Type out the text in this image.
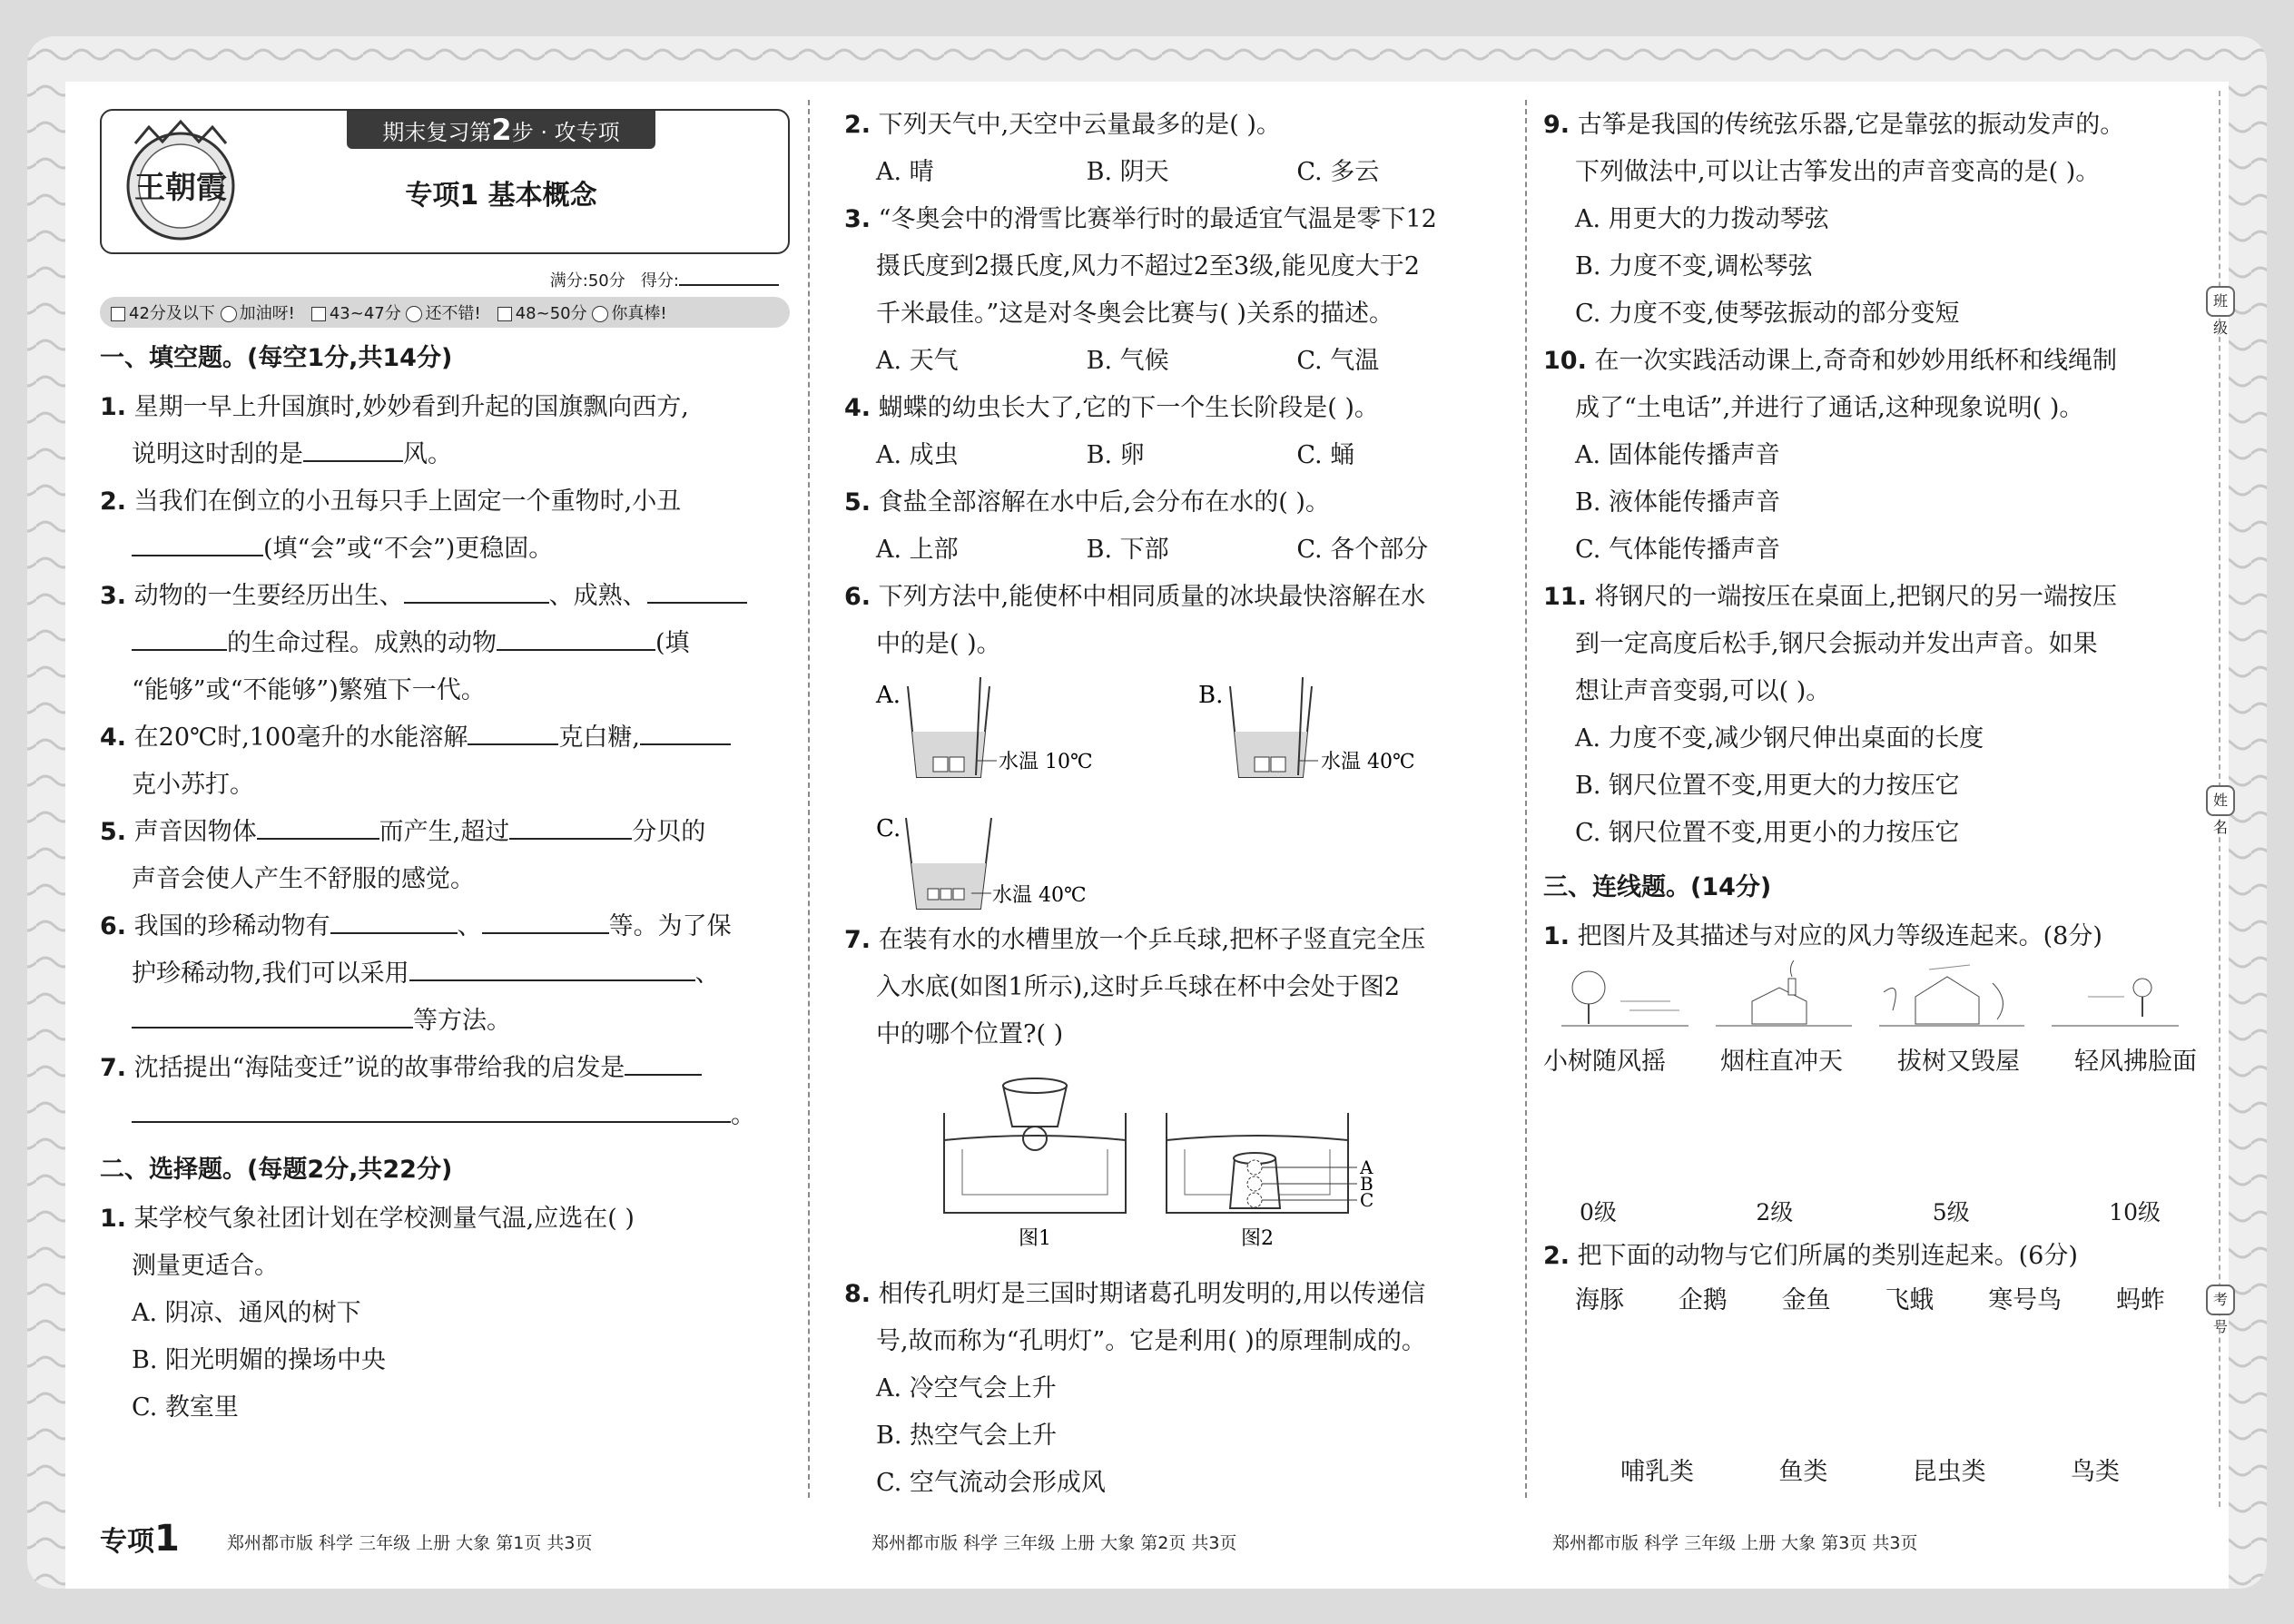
王朝霞
期末复习第2步 · 攻专项
专项1 基本概念
满分:50分 得分:
42分及以下 加油呀!	43~47分 还不错!	48~50分 你真棒!
一、填空题。(每空1分,共14分)
1. 星期一早上升国旗时,妙妙看到升起的国旗飘向西方,
说明这时刮的是	风。
2. 当我们在倒立的小丑每只手上固定一个重物时,小丑
(填“会”或“不会”)更稳固。
3. 动物的一生要经历出生、	、成熟、
的生命过程。成熟的动物	(填
“能够”或“不能够”)繁殖下一代。
4. 在20℃时,100毫升的水能溶解	克白糖,
克小苏打。
5. 声音因物体	而产生,超过	分贝的
声音会使人产生不舒服的感觉。
6. 我国的珍稀动物有	、	等。为了保
护珍稀动物,我们可以采用	、
等方法。
7. 沈括提出“海陆变迁”说的故事带给我的启发是
。
二、选择题。(每题2分,共22分)
1. 某学校气象社团计划在学校测量气温,应选在( )
测量更适合。
A. 阴凉、通风的树下
B. 阳光明媚的操场中央
C. 教室里
2. 下列天气中,天空中云量最多的是( )。
A. 晴	B. 阴天	C. 多云
3. “冬奥会中的滑雪比赛举行时的最适宜气温是零下12
摄氏度到2摄氏度,风力不超过2至3级,能见度大于2
千米最佳。”这是对冬奥会比赛与( )关系的描述。
A. 天气	B. 气候	C. 气温
4. 蝴蝶的幼虫长大了,它的下一个生长阶段是( )。
A. 成虫	B. 卵	C. 蛹
5. 食盐全部溶解在水中后,会分布在水的( )。
A. 上部	B. 下部	C. 各个部分
6. 下列方法中,能使杯中相同质量的冰块最快溶解在水
中的是( )。
A.
水温 10℃
B.
水温 40℃
C.
水温 40℃
7. 在装有水的水槽里放一个乒乓球,把杯子竖直完全压
入水底(如图1所示),这时乒乓球在杯中会处于图2
中的哪个位置?( )
图1
A
B
C
图2
8. 相传孔明灯是三国时期诸葛孔明发明的,用以传递信
号,故而称为“孔明灯”。它是利用( )的原理制成的。
A. 冷空气会上升
B. 热空气会上升
C. 空气流动会形成风
9. 古筝是我国的传统弦乐器,它是靠弦的振动发声的。
下列做法中,可以让古筝发出的声音变高的是( )。
A. 用更大的力拨动琴弦
B. 力度不变,调松琴弦
C. 力度不变,使琴弦振动的部分变短
10. 在一次实践活动课上,奇奇和妙妙用纸杯和线绳制
成了“土电话”,并进行了通话,这种现象说明( )。
A. 固体能传播声音
B. 液体能传播声音
C. 气体能传播声音
11. 将钢尺的一端按压在桌面上,把钢尺的另一端按压
到一定高度后松手,钢尺会振动并发出声音。如果
想让声音变弱,可以( )。
A. 力度不变,减少钢尺伸出桌面的长度
B. 钢尺位置不变,用更大的力按压它
C. 钢尺位置不变,用更小的力按压它
三、连线题。(14分)
1. 把图片及其描述与对应的风力等级连起来。(8分)
小树随风摇 烟柱直冲天 拔树又毁屋 轻风拂脸面
0级	2级	5级	10级
2. 把下面的动物与它们所属的类别连起来。(6分)
海豚 企鹅 金鱼 飞蛾 寒号鸟 蚂蚱
哺乳类	鱼类	昆虫类	鸟类
班级
姓名
考号
专项1	郑州都市版 科学 三年级 上册 大象 第1页 共3页	郑州都市版 科学 三年级 上册 大象 第2页 共3页	郑州都市版 科学 三年级 上册 大象 第3页 共3页
